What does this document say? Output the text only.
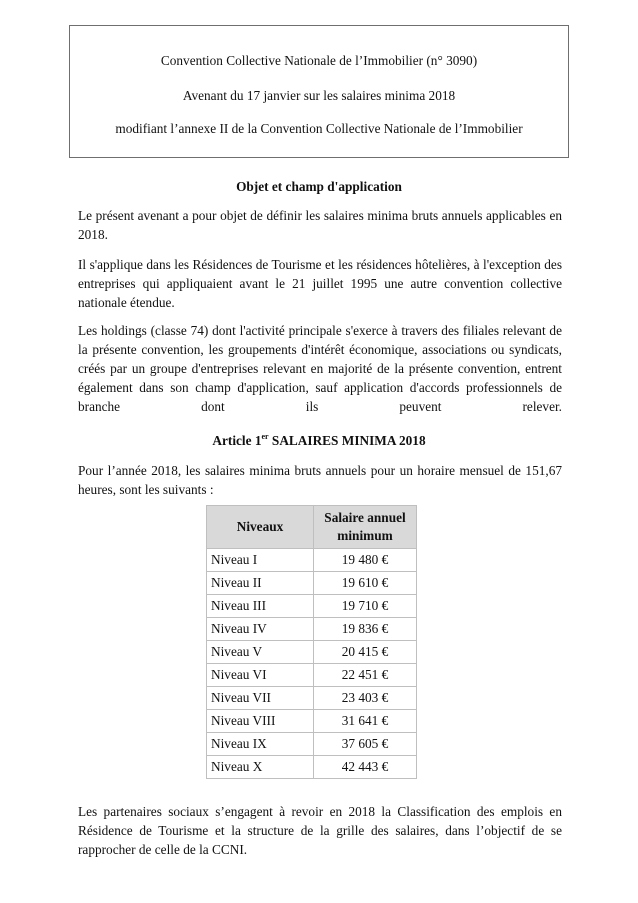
Convention Collective Nationale de l’Immobilier (n° 3090)
Avenant du 17 janvier sur les salaires minima 2018
modifiant l’annexe II de la Convention Collective Nationale de l’Immobilier
Objet et champ d'application

Le présent avenant a pour objet de définir les salaires minima bruts annuels applicables en 2018.

Il s'applique dans les Résidences de Tourisme et les résidences hôtelières, à l'exception des entreprises qui appliquaient avant le 21 juillet 1995 une autre convention collective nationale étendue.

Les holdings (classe 74) dont l'activité principale s'exerce à travers des filiales relevant de la présente convention, les groupements d'intérêt économique, associations ou syndicats, créés par un groupe d'entreprises relevant en majorité de la présente convention, entrent également dans son champ d'application, sauf application d'accords professionnels de branche dont ils peuvent relever.

Article 1er SALAIRES MINIMA 2018

Pour l’année 2018, les salaires minima bruts annuels pour un horaire mensuel de 151,67 heures, sont les suivants :

Niveaux	Salaire annuel minimum
Niveau I	19 480 €
Niveau II	19 610 €
Niveau III	19 710 €
Niveau IV	19 836 €
Niveau V	20 415 €
Niveau VI	22 451 €
Niveau VII	23 403 €
Niveau VIII	31 641 €
Niveau IX	37 605 €
Niveau X	42 443 €

Les partenaires sociaux s’engagent à revoir en 2018 la Classification des emplois en Résidence de Tourisme et la structure de la grille des salaires, dans l’objectif de se rapprocher de celle de la CCNI.
